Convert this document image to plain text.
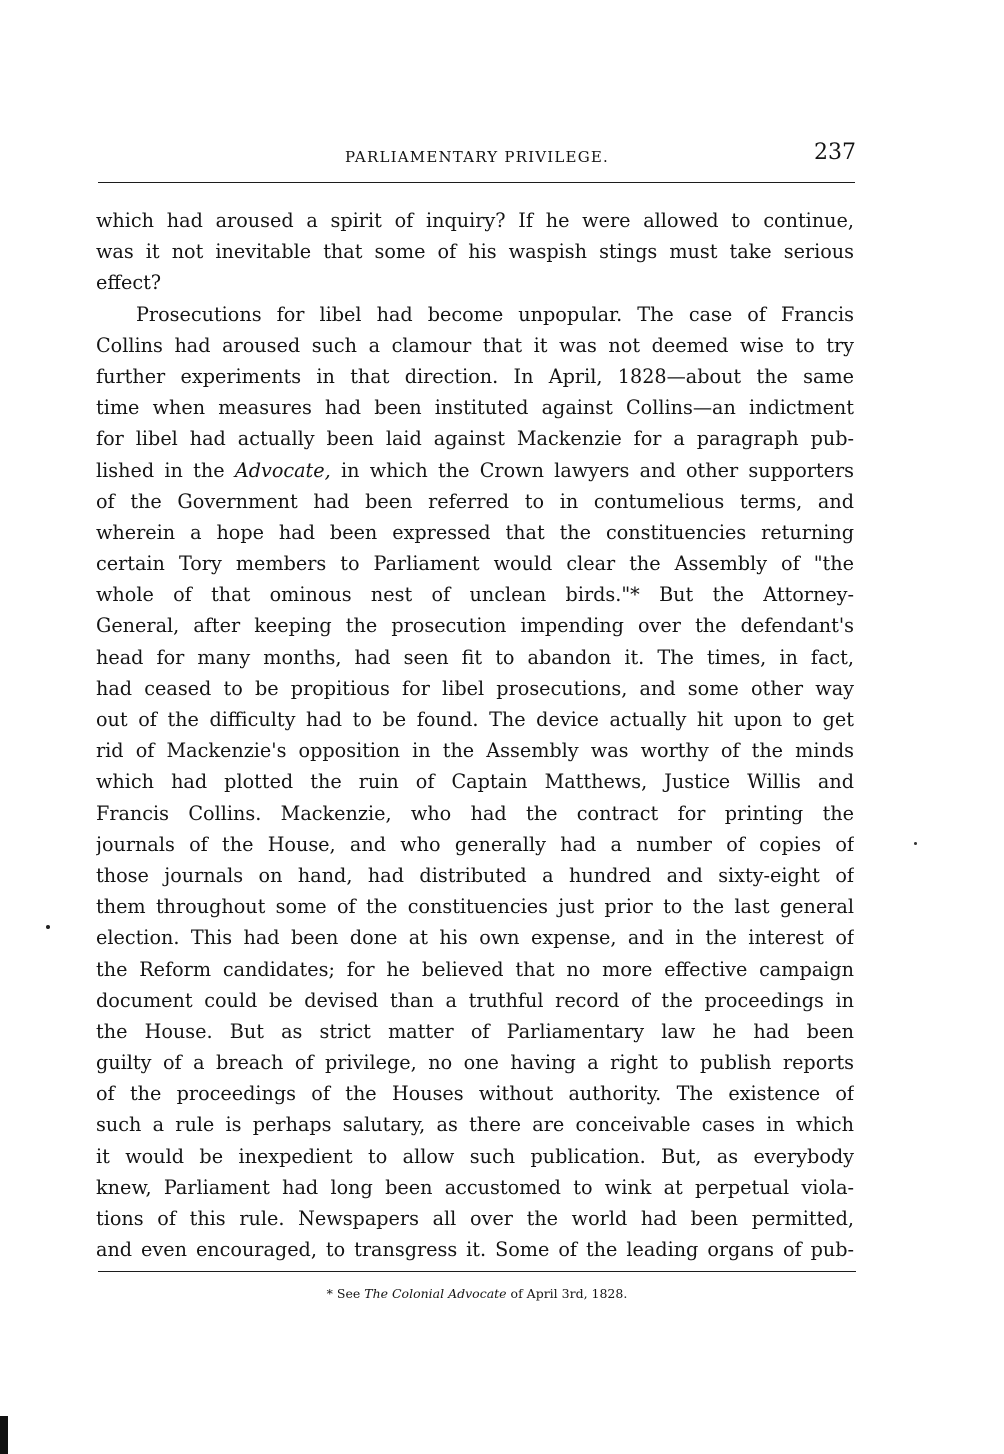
PARLIAMENTARY PRIVILEGE.	237
which had aroused a spirit of inquiry? If he were allowed to continue,
was it not inevitable that some of his waspish stings must take serious
effect?
Prosecutions for libel had become unpopular. The case of Francis
Collins had aroused such a clamour that it was not deemed wise to try
further experiments in that direction. In April, 1828—about the same
time when measures had been instituted against Collins—an indictment
for libel had actually been laid against Mackenzie for a paragraph pub-
lished in the Advocate, in which the Crown lawyers and other supporters
of the Government had been referred to in contumelious terms, and
wherein a hope had been expressed that the constituencies returning
certain Tory members to Parliament would clear the Assembly of "the
whole of that ominous nest of unclean birds."* But the Attorney-
General, after keeping the prosecution impending over the defendant's
head for many months, had seen fit to abandon it. The times, in fact,
had ceased to be propitious for libel prosecutions, and some other way
out of the difficulty had to be found. The device actually hit upon to get
rid of Mackenzie's opposition in the Assembly was worthy of the minds
which had plotted the ruin of Captain Matthews, Justice Willis and
Francis Collins. Mackenzie, who had the contract for printing the
journals of the House, and who generally had a number of copies of
those journals on hand, had distributed a hundred and sixty-eight of
them throughout some of the constituencies just prior to the last general
election. This had been done at his own expense, and in the interest of
the Reform candidates; for he believed that no more effective campaign
document could be devised than a truthful record of the proceedings in
the House. But as strict matter of Parliamentary law he had been
guilty of a breach of privilege, no one having a right to publish reports
of the proceedings of the Houses without authority. The existence of
such a rule is perhaps salutary, as there are conceivable cases in which
it would be inexpedient to allow such publication. But, as everybody
knew, Parliament had long been accustomed to wink at perpetual viola-
tions of this rule. Newspapers all over the world had been permitted,
and even encouraged, to transgress it. Some of the leading organs of pub-
* See The Colonial Advocate of April 3rd, 1828.
